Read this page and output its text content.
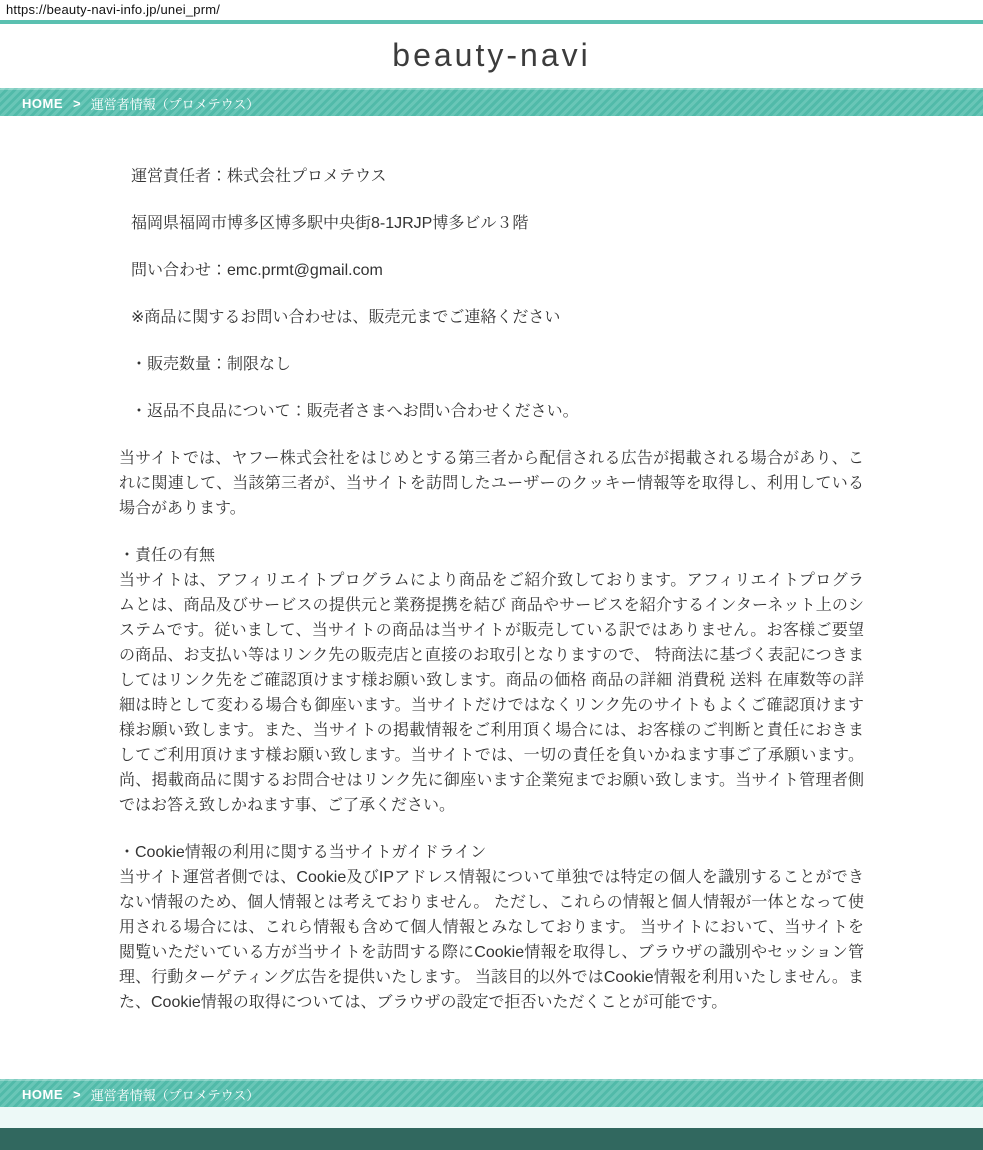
https://beauty-navi-info.jp/unei_prm/
beauty-navi
HOME > 運営者情報（プロメテウス）

運営責任者：株式会社プロメテウス

福岡県福岡市博多区博多駅中央街8-1JRJP博多ビル３階

問い合わせ：emc.prmt@gmail.com

※商品に関するお問い合わせは、販売元までご連絡ください

・販売数量：制限なし

・返品不良品について：販売者さまへお問い合わせください。

当サイトでは、ヤフー株式会社をはじめとする第三者から配信される広告が掲載される場合があり、これに関連して、当該第三者が、当サイトを訪問したユーザーのクッキー情報等を取得し、利用している場合があります。

・責任の有無
当サイトは、アフィリエイトプログラムにより商品をご紹介致しております。アフィリエイトプログラムとは、商品及びサービスの提供元と業務提携を結び 商品やサービスを紹介するインターネット上のシステムです。従いまして、当サイトの商品は当サイトが販売している訳ではありません。お客様ご要望の商品、お支払い等はリンク先の販売店と直接のお取引となりますので、 特商法に基づく表記につきましてはリンク先をご確認頂けます様お願い致します。商品の価格 商品の詳細 消費税 送料 在庫数等の詳細は時として変わる場合も御座います。当サイトだけではなくリンク先のサイトもよくご確認頂けます様お願い致します。また、当サイトの掲載情報をご利用頂く場合には、お客様のご判断と責任におきましてご利用頂けます様お願い致します。当サイトでは、一切の責任を負いかねます事ご了承願います。尚、掲載商品に関するお問合せはリンク先に御座います企業宛までお願い致します。当サイト管理者側ではお答え致しかねます事、ご了承ください。

・Cookie情報の利用に関する当サイトガイドライン
当サイト運営者側では、Cookie及びIPアドレス情報について単独では特定の個人を識別することができない情報のため、個人情報とは考えておりません。 ただし、これらの情報と個人情報が一体となって使用される場合には、これら情報も含めて個人情報とみなしております。 当サイトにおいて、当サイトを閲覧いただいている方が当サイトを訪問する際にCookie情報を取得し、ブラウザの識別やセッション管理、行動ターゲティング広告を提供いたします。 当該目的以外ではCookie情報を利用いたしません。また、Cookie情報の取得については、ブラウザの設定で拒否いただくことが可能です。

HOME > 運営者情報（プロメテウス）
